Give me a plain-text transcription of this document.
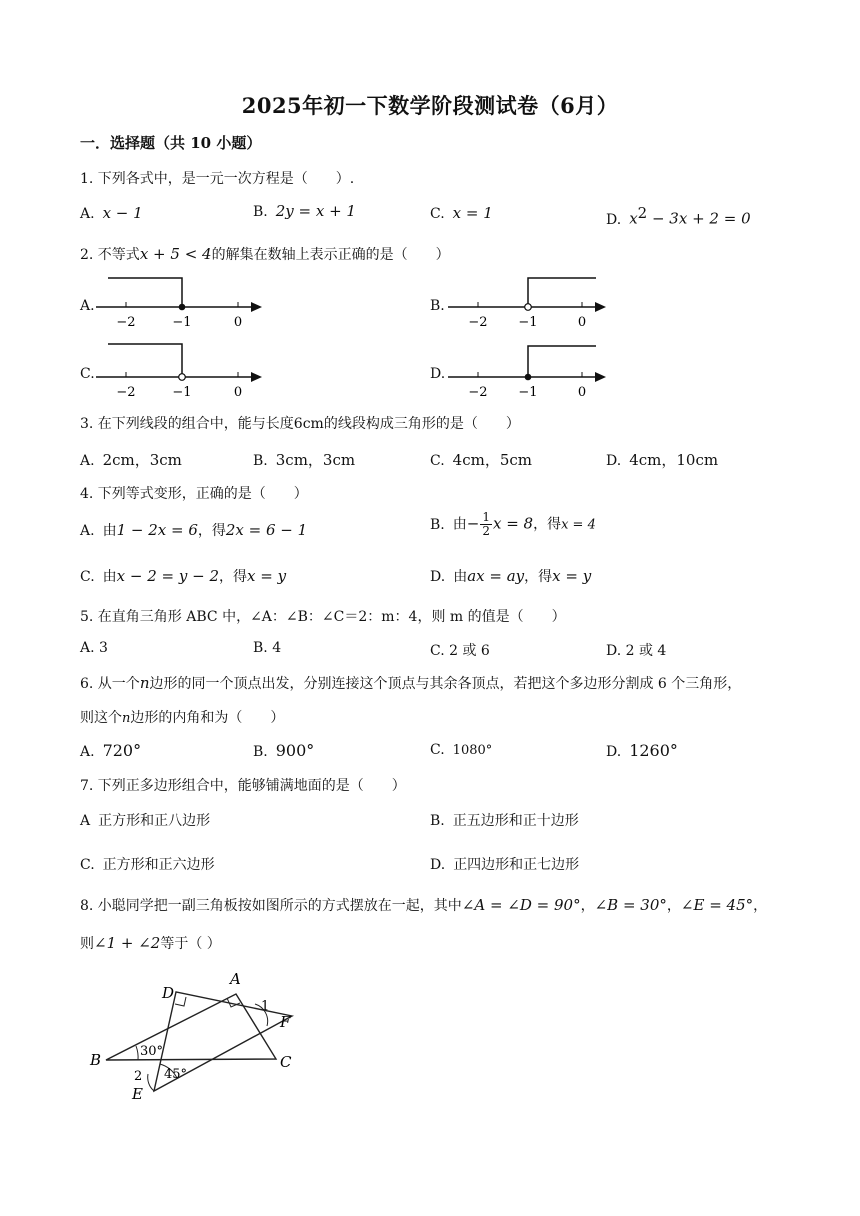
2025年初一下数学阶段测试卷（6月）
一．选择题（共 10 小题）
1. 下列各式中，是一元一次方程是（　　）.
A. x − 1	B. 2y = x + 1	C. x = 1	D. $x^2 - 3x + 2 = 0$
2. 不等式x + 5 < 4的解集在数轴上表示正确的是（　　）
A.
−2	−1	0
B.
−2 −1	0
C.
−2	−1	0
D.
−2 −1	0
3. 在下列线段的组合中，能与长度6cm的线段构成三角形的是（　　）
A. 2cm，3cm	B. 3cm，3cm	C. 4cm，5cm	D. 4cm，10cm
4. 下列等式变形，正确的是（　　）
A. 由1 − 2x = 6，得2x = 6 − 1	B. 由− $\frac{1}{2}$ x = 8，得x = 4
C. 由x − 2 = y − 2，得x = y	D. 由ax = ay，得x = y
5. 在直角三角形 ABC 中，∠A：∠B：∠C＝2：m：4，则 m 的值是（　　）
A. 3	B. 4	C. 2 或 6	D. 2 或 4
6. 从一个n边形的同一个顶点出发，分别连接这个顶点与其余各顶点，若把这个多边形分割成 6 个三角形，
则这个n边形的内角和为（　　）
A. 720°	B. 900°	C. 1080°	D. 1260°
7. 下列正多边形组合中，能够铺满地面的是（　　）
A 正方形和正八边形	B. 正五边形和正十边形
C. 正方形和正六边形	D. 正四边形和正七边形
8. 小聪同学把一副三角板按如图所示的方式摆放在一起，其中∠A = ∠D = 90°，∠B = 30°，∠E = 45°，
则∠1 + ∠2等于（ ）
A
B	C
D
E
F
1
2
30°
45°
